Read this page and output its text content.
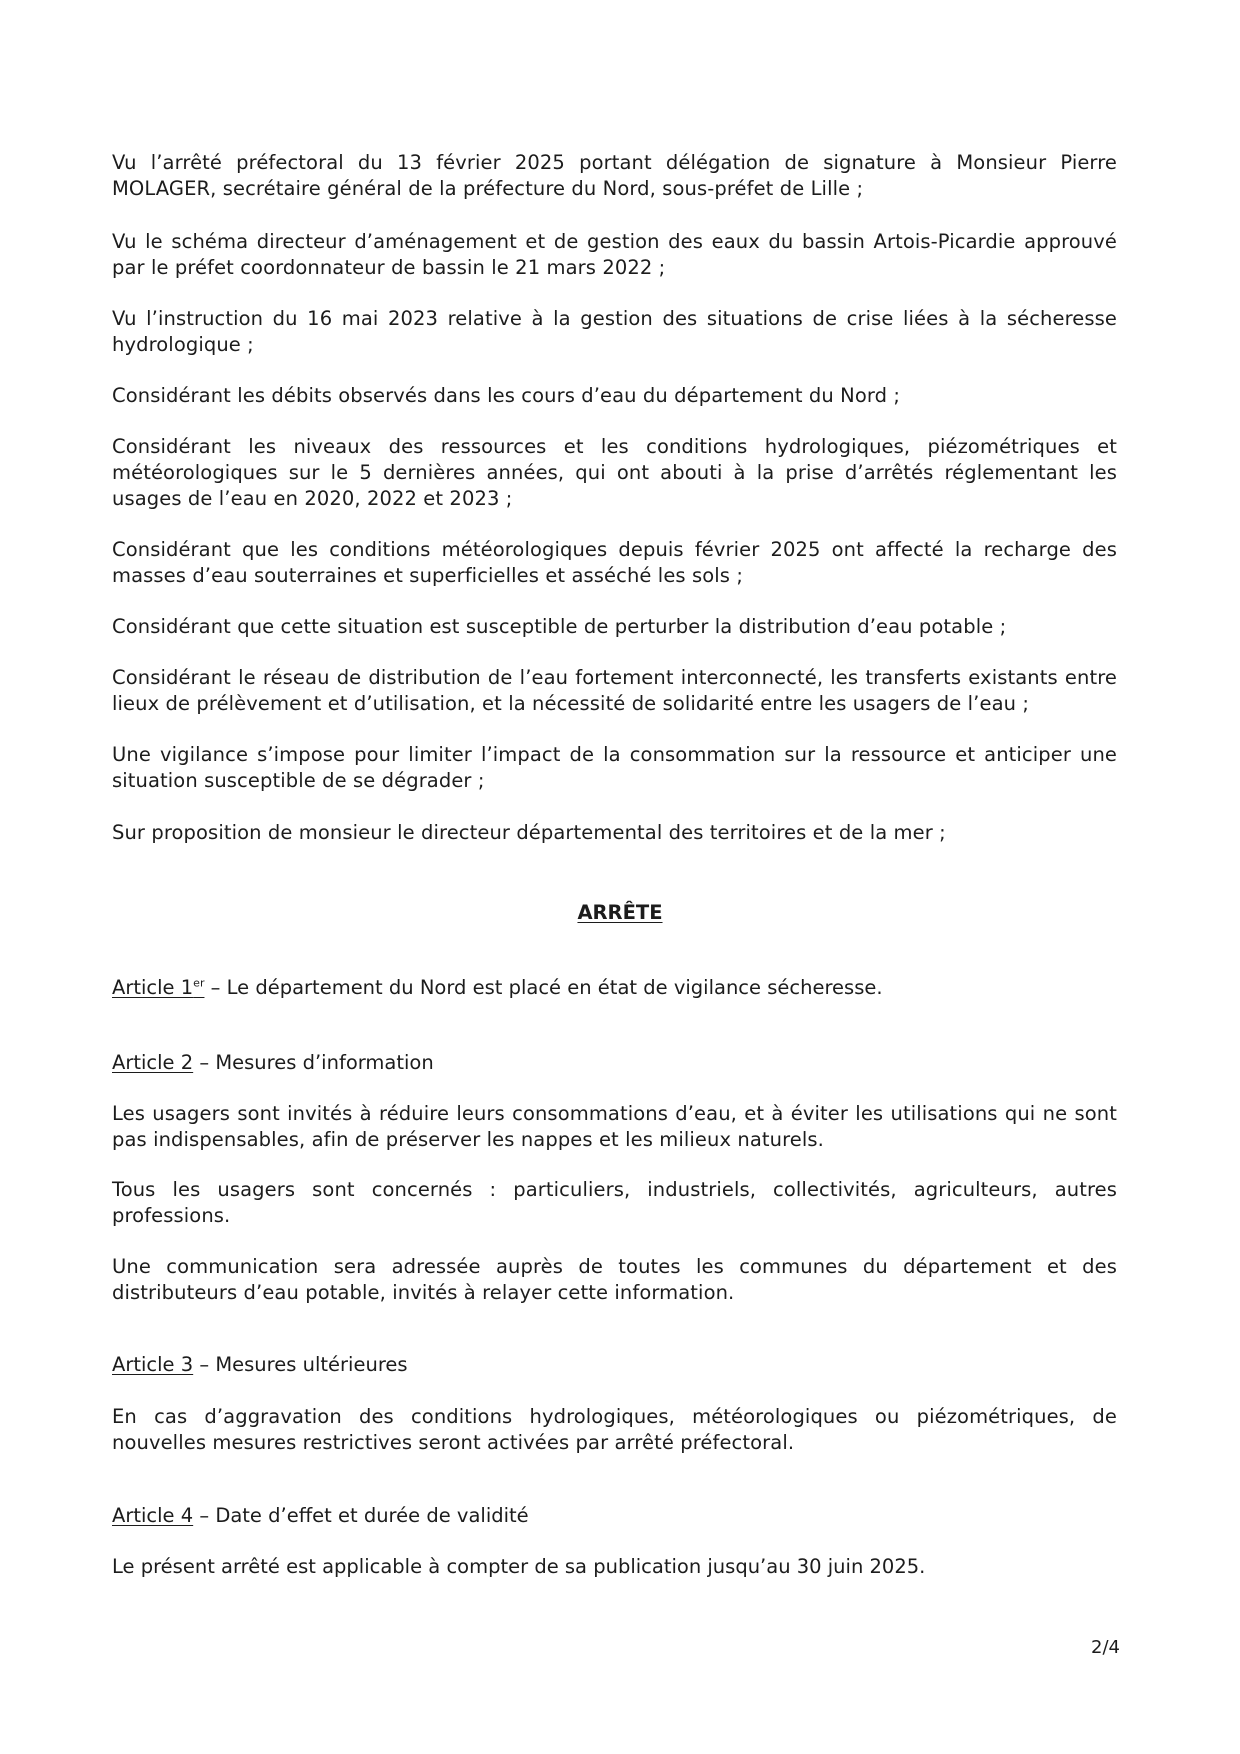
Vu l’arrêté préfectoral du 13 février 2025 portant délégation de signature à Monsieur Pierre MOLAGER, secrétaire général de la préfecture du Nord, sous-préfet de Lille ;

Vu le schéma directeur d’aménagement et de gestion des eaux du bassin Artois-Picardie approuvé par le préfet coordonnateur de bassin le 21 mars 2022 ;

Vu l’instruction du 16 mai 2023 relative à la gestion des situations de crise liées à la sécheresse hydrologique ;

Considérant les débits observés dans les cours d’eau du département du Nord ;

Considérant les niveaux des ressources et les conditions hydrologiques, piézométriques et météorologiques sur le 5 dernières années, qui ont abouti à la prise d’arrêtés réglementant les usages de l’eau en 2020, 2022 et 2023 ;

Considérant que les conditions météorologiques depuis février 2025 ont affecté la recharge des masses d’eau souterraines et superficielles et asséché les sols ;

Considérant que cette situation est susceptible de perturber la distribution d’eau potable ;

Considérant le réseau de distribution de l’eau fortement interconnecté, les transferts existants entre lieux de prélèvement et d’utilisation, et la nécessité de solidarité entre les usagers de l’eau ;

Une vigilance s’impose pour limiter l’impact de la consommation sur la ressource et anticiper une situation susceptible de se dégrader ;

Sur proposition de monsieur le directeur départemental des territoires et de la mer ;

ARRÊTE

Article 1er – Le département du Nord est placé en état de vigilance sécheresse.

Article 2 – Mesures d’information

Les usagers sont invités à réduire leurs consommations d’eau, et à éviter les utilisations qui ne sont pas indispensables, afin de préserver les nappes et les milieux naturels.

Tous les usagers sont concernés : particuliers, industriels, collectivités, agriculteurs, autres professions.

Une communication sera adressée auprès de toutes les communes du département et des distributeurs d’eau potable, invités à relayer cette information.

Article 3 – Mesures ultérieures

En cas d’aggravation des conditions hydrologiques, météorologiques ou piézométriques, de nouvelles mesures restrictives seront activées par arrêté préfectoral.

Article 4 – Date d’effet et durée de validité

Le présent arrêté est applicable à compter de sa publication jusqu’au 30 juin 2025.

2/4
